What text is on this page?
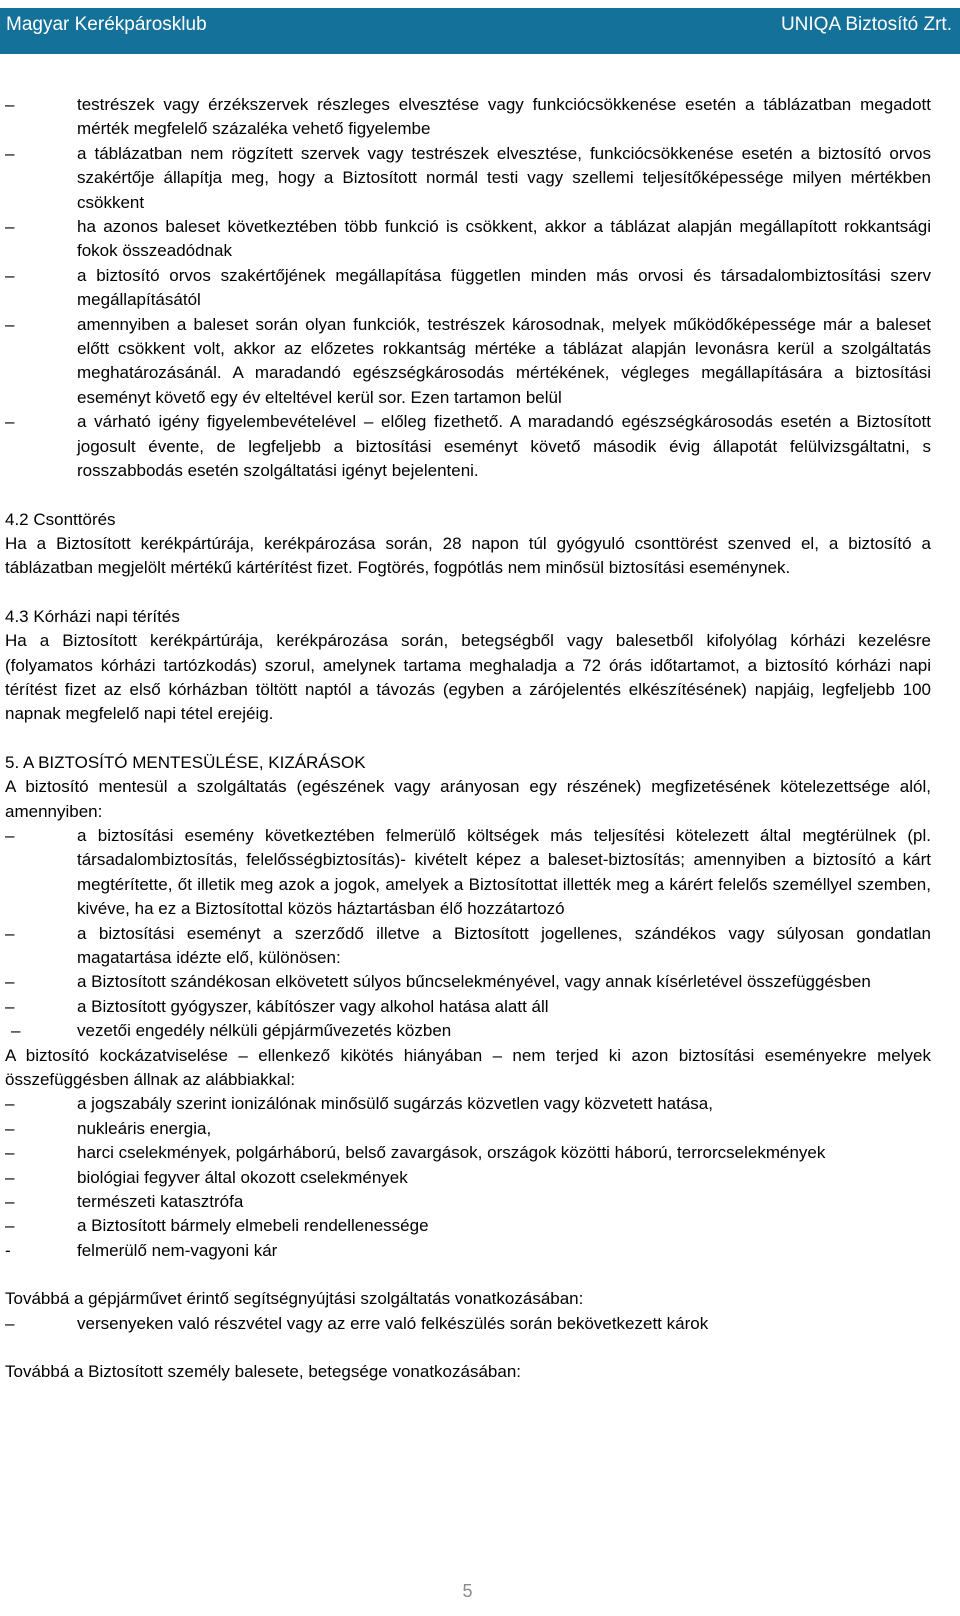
Magyar Kerékpárosklub	UNIQA Biztosító Zrt.
–	testrészek vagy érzékszervek részleges elvesztése vagy funkciócsökkenése esetén a táblázatban megadott mérték megfelelő százaléka vehető figyelembe
–	a táblázatban nem rögzített szervek vagy testrészek elvesztése, funkciócsökkenése esetén a biztosító orvos szakértője állapítja meg, hogy a Biztosított normál testi vagy szellemi teljesítőképessége milyen mértékben csökkent
–	ha azonos baleset következtében több funkció is csökkent, akkor a táblázat alapján megállapított rokkantsági fokok összeadódnak
–	a biztosító orvos szakértőjének megállapítása független minden más orvosi és társadalombiztosítási szerv megállapításától
–	amennyiben a baleset során olyan funkciók, testrészek károsodnak, melyek működőképessége már a baleset előtt csökkent volt, akkor az előzetes rokkantság mértéke a táblázat alapján levonásra kerül a szolgáltatás meghatározásánál. A maradandó egészségkárosodás mértékének, végleges megállapítására a biztosítási eseményt követő egy év elteltével kerül sor. Ezen tartamon belül
–	a várható igény figyelembevételével – előleg fizethető. A maradandó egészségkárosodás esetén a Biztosított jogosult évente, de legfeljebb a biztosítási eseményt követő második évig állapotát felülvizsgáltatni, s rosszabbodás esetén szolgáltatási igényt bejelenteni.

4.2 Csonttörés

Ha a Biztosított kerékpártúrája, kerékpározása során, 28 napon túl gyógyuló csonttörést szenved el, a biztosító a táblázatban megjelölt mértékű kártérítést fizet. Fogtörés, fogpótlás nem minősül biztosítási eseménynek.

4.3 Kórházi napi térítés

Ha a Biztosított kerékpártúrája, kerékpározása során, betegségből vagy balesetből kifolyólag kórházi kezelésre (folyamatos kórházi tartózkodás) szorul, amelynek tartama meghaladja a 72 órás időtartamot, a biztosító kórházi napi térítést fizet az első kórházban töltött naptól a távozás (egyben a zárójelentés elkészítésének) napjáig, legfeljebb 100 napnak megfelelő napi tétel erejéig.

5. A BIZTOSÍTÓ MENTESÜLÉSE, KIZÁRÁSOK

A biztosító mentesül a szolgáltatás (egészének vagy arányosan egy részének) megfizetésének kötelezettsége alól, amennyiben:

–	a biztosítási esemény következtében felmerülő költségek más teljesítési kötelezett által megtérülnek (pl. társadalombiztosítás, felelősségbiztosítás)- kivételt képez a baleset-biztosítás; amennyiben a biztosító a kárt megtérítette, őt illetik meg azok a jogok, amelyek a Biztosítottat illették meg a kárért felelős személlyel szemben, kivéve, ha ez a Biztosítottal közös háztartásban élő hozzátartozó
–	a biztosítási eseményt a szerződő illetve a Biztosított jogellenes, szándékos vagy súlyosan gondatlan magatartása idézte elő, különösen:
–	a Biztosított szándékosan elkövetett súlyos bűncselekményével, vagy annak kísérletével összefüggésben
–	a Biztosított gyógyszer, kábítószer vagy alkohol hatása alatt áll
–	vezetői engedély nélküli gépjárművezetés közben

A biztosító kockázatviselése – ellenkező kikötés hiányában – nem terjed ki azon biztosítási eseményekre melyek összefüggésben állnak az alábbiakkal:

–	a jogszabály szerint ionizálónak minősülő sugárzás közvetlen vagy közvetett hatása,
–	nukleáris energia,
–	harci cselekmények, polgárháború, belső zavargások, országok közötti háború, terrorcselekmények
–	biológiai fegyver által okozott cselekmények
–	természeti katasztrófa
–	a Biztosított bármely elmebeli rendellenessége
-	felmerülő nem-vagyoni kár

Továbbá a gépjárművet érintő segítségnyújtási szolgáltatás vonatkozásában:

–	versenyeken való részvétel vagy az erre való felkészülés során bekövetkezett károk

Továbbá a Biztosított személy balesete, betegsége vonatkozásában:

5
